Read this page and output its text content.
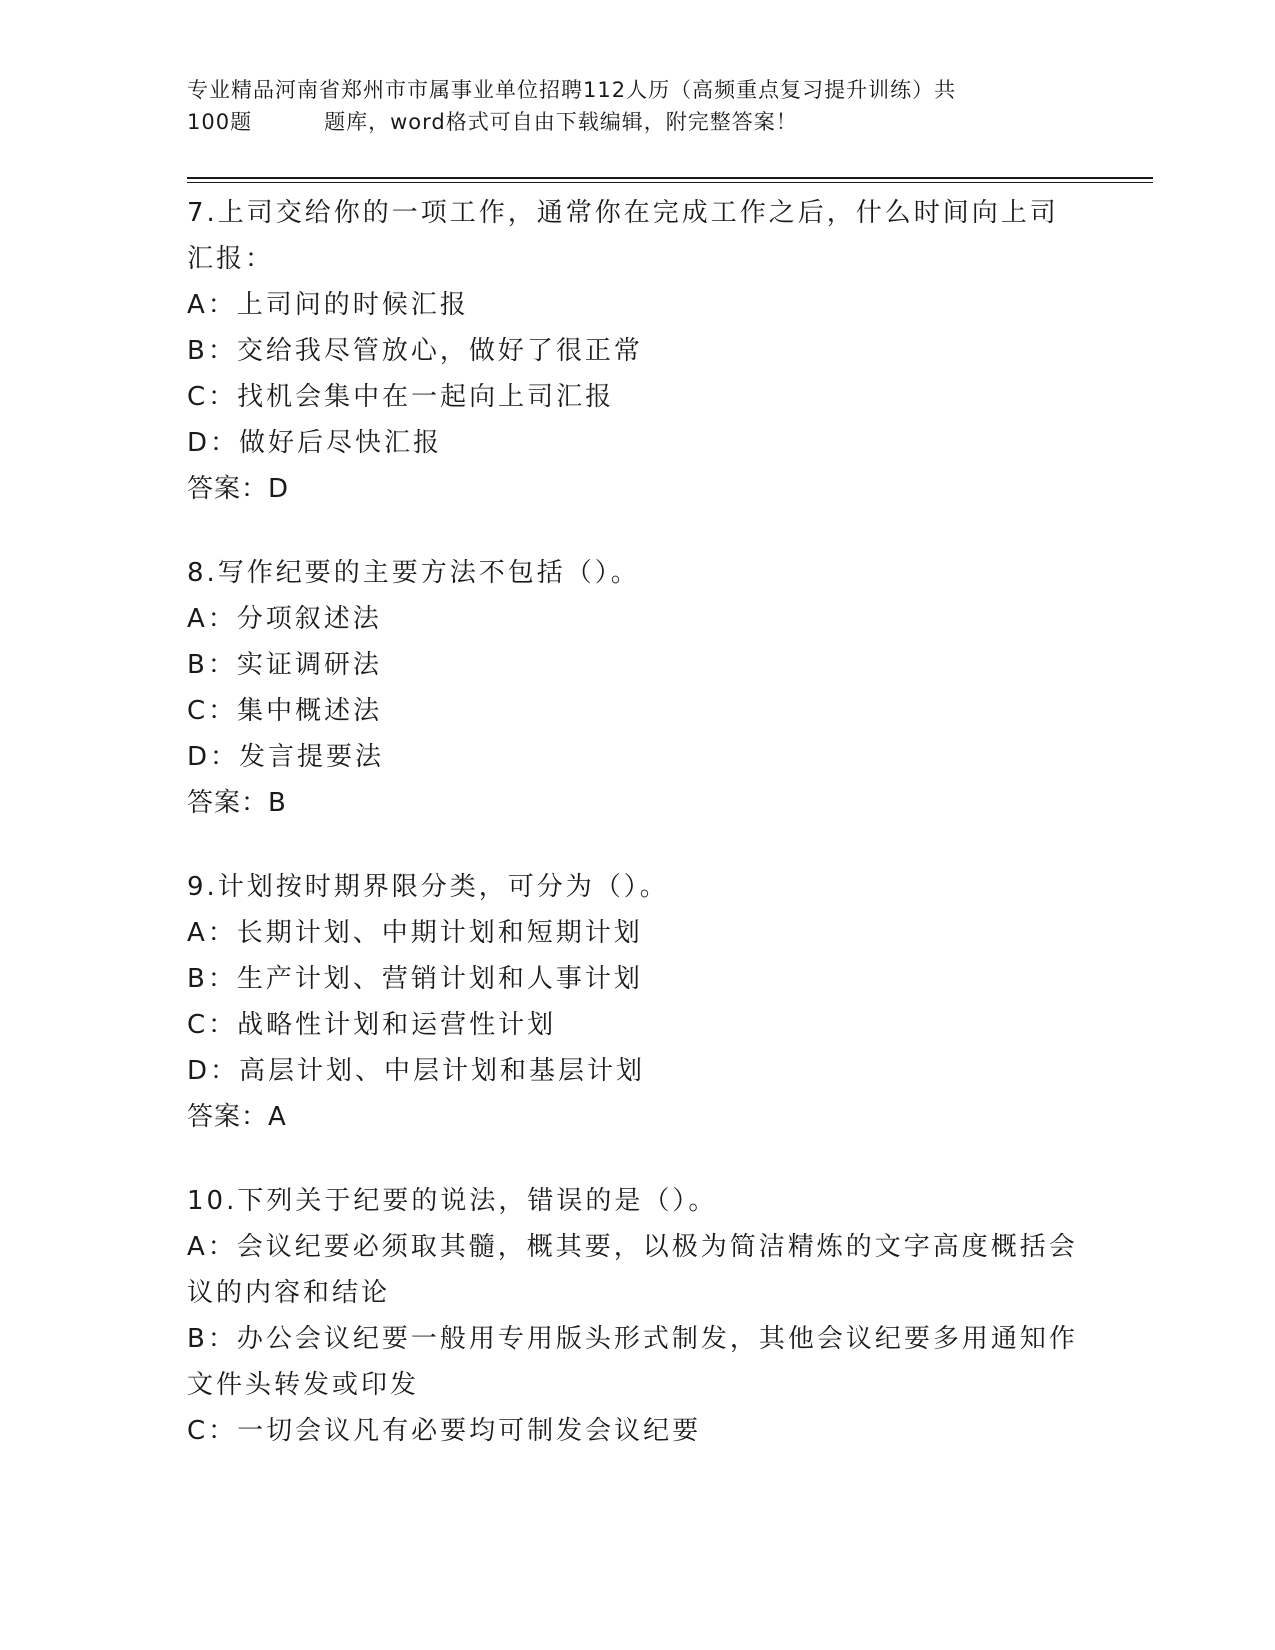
专业精品河南省郑州市市属事业单位招聘112人历（高频重点复习提升训练）共
100题	题库，word格式可自由下载编辑，附完整答案！
7.上司交给你的一项工作，通常你在完成工作之后，什么时间向上司
汇报：
A：上司问的时候汇报
B：交给我尽管放心，做好了很正常
C：找机会集中在一起向上司汇报
D：做好后尽快汇报
答案：D
8.写作纪要的主要方法不包括（）。
A：分项叙述法
B：实证调研法
C：集中概述法
D：发言提要法
答案：B
9.计划按时期界限分类，可分为（）。
A：长期计划、中期计划和短期计划
B：生产计划、营销计划和人事计划
C：战略性计划和运营性计划
D：高层计划、中层计划和基层计划
答案：A
10.下列关于纪要的说法，错误的是（）。
A：会议纪要必须取其髓，概其要，以极为简洁精炼的文字高度概括会
议的内容和结论
B：办公会议纪要一般用专用版头形式制发，其他会议纪要多用通知作
文件头转发或印发
C：一切会议凡有必要均可制发会议纪要
